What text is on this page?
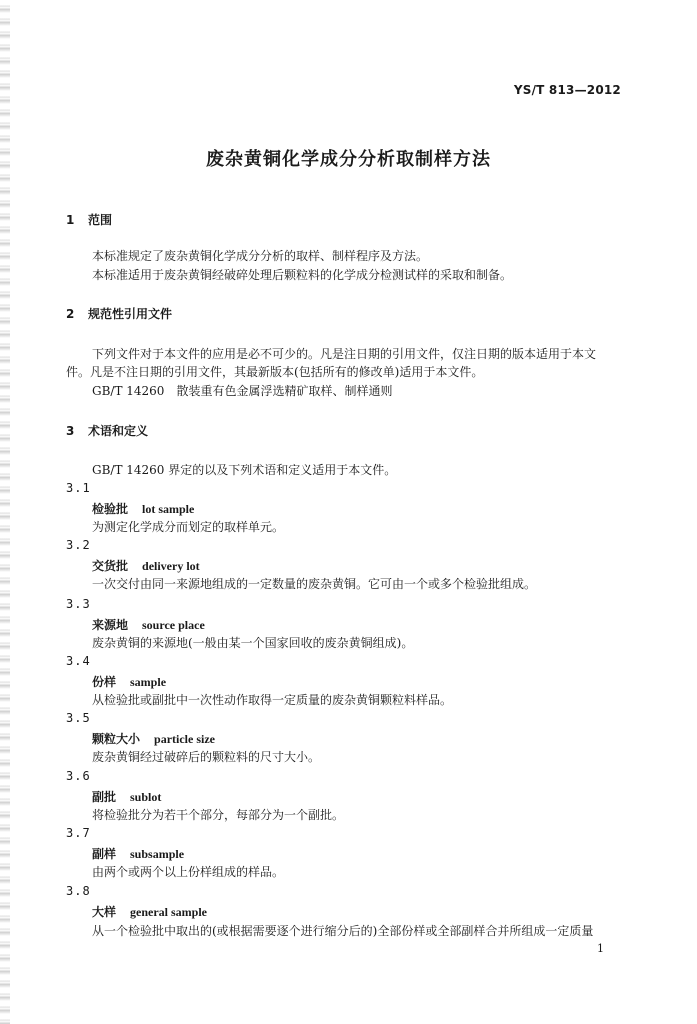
YS/T 813—2012
废杂黄铜化学成分分析取制样方法
1 范围
本标准规定了废杂黄铜化学成分分析的取样、制样程序及方法。
本标准适用于废杂黄铜经破碎处理后颗粒料的化学成分检测试样的采取和制备。
2 规范性引用文件
下列文件对于本文件的应用是必不可少的。凡是注日期的引用文件，仅注日期的版本适用于本文
件。凡是不注日期的引用文件，其最新版本(包括所有的修改单)适用于本文件。
GB/T 14260　散装重有色金属浮选精矿取样、制样通则
3 术语和定义
GB/T 14260 界定的以及下列术语和定义适用于本文件。
3.1
检验批 lot sample
为测定化学成分而划定的取样单元。
3.2
交货批 delivery lot
一次交付由同一来源地组成的一定数量的废杂黄铜。它可由一个或多个检验批组成。
3.3
来源地 source place
废杂黄铜的来源地(一般由某一个国家回收的废杂黄铜组成)。
3.4
份样 sample
从检验批或副批中一次性动作取得一定质量的废杂黄铜颗粒料样品。
3.5
颗粒大小 particle size
废杂黄铜经过破碎后的颗粒料的尺寸大小。
3.6
副批 sublot
将检验批分为若干个部分，每部分为一个副批。
3.7
副样 subsample
由两个或两个以上份样组成的样品。
3.8
大样 general sample
从一个检验批中取出的(或根据需要逐个进行缩分后的)全部份样或全部副样合并所组成一定质量
1
